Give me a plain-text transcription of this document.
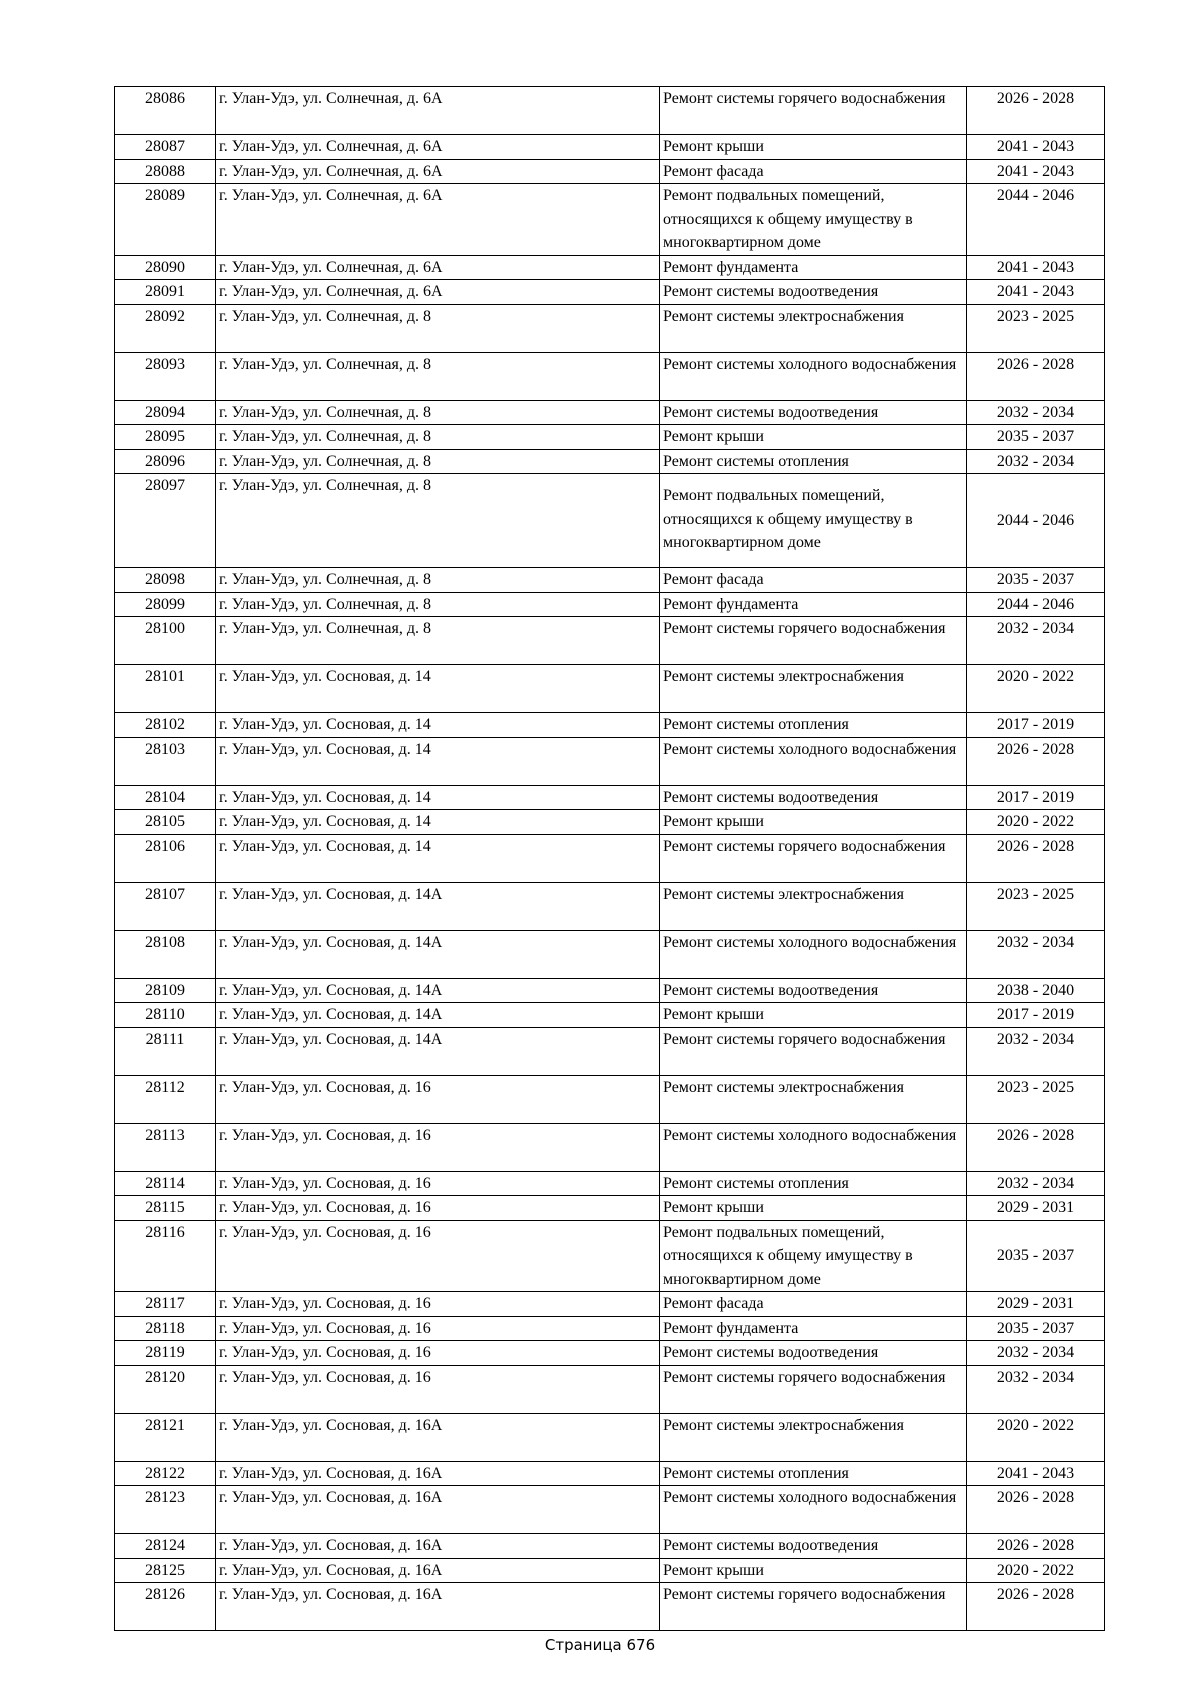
28086	г. Улан-Удэ, ул. Солнечная, д. 6А	Ремонт системы горячего водоснабжения	2026 - 2028
28087	г. Улан-Удэ, ул. Солнечная, д. 6А	Ремонт крыши	2041 - 2043
28088	г. Улан-Удэ, ул. Солнечная, д. 6А	Ремонт фасада	2041 - 2043
28089	г. Улан-Удэ, ул. Солнечная, д. 6А	Ремонт подвальных помещений, относящихся к общему имуществу в многоквартирном доме	2044 - 2046
28090	г. Улан-Удэ, ул. Солнечная, д. 6А	Ремонт фундамента	2041 - 2043
28091	г. Улан-Удэ, ул. Солнечная, д. 6А	Ремонт системы водоотведения	2041 - 2043
28092	г. Улан-Удэ, ул. Солнечная, д. 8	Ремонт системы электроснабжения	2023 - 2025
28093	г. Улан-Удэ, ул. Солнечная, д. 8	Ремонт системы холодного водоснабжения	2026 - 2028
28094	г. Улан-Удэ, ул. Солнечная, д. 8	Ремонт системы водоотведения	2032 - 2034
28095	г. Улан-Удэ, ул. Солнечная, д. 8	Ремонт крыши	2035 - 2037
28096	г. Улан-Удэ, ул. Солнечная, д. 8	Ремонт системы отопления	2032 - 2034
28097	г. Улан-Удэ, ул. Солнечная, д. 8	Ремонт подвальных помещений, относящихся к общему имуществу в многоквартирном доме	2044 - 2046
28098	г. Улан-Удэ, ул. Солнечная, д. 8	Ремонт фасада	2035 - 2037
28099	г. Улан-Удэ, ул. Солнечная, д. 8	Ремонт фундамента	2044 - 2046
28100	г. Улан-Удэ, ул. Солнечная, д. 8	Ремонт системы горячего водоснабжения	2032 - 2034
28101	г. Улан-Удэ, ул. Сосновая, д. 14	Ремонт системы электроснабжения	2020 - 2022
28102	г. Улан-Удэ, ул. Сосновая, д. 14	Ремонт системы отопления	2017 - 2019
28103	г. Улан-Удэ, ул. Сосновая, д. 14	Ремонт системы холодного водоснабжения	2026 - 2028
28104	г. Улан-Удэ, ул. Сосновая, д. 14	Ремонт системы водоотведения	2017 - 2019
28105	г. Улан-Удэ, ул. Сосновая, д. 14	Ремонт крыши	2020 - 2022
28106	г. Улан-Удэ, ул. Сосновая, д. 14	Ремонт системы горячего водоснабжения	2026 - 2028
28107	г. Улан-Удэ, ул. Сосновая, д. 14А	Ремонт системы электроснабжения	2023 - 2025
28108	г. Улан-Удэ, ул. Сосновая, д. 14А	Ремонт системы холодного водоснабжения	2032 - 2034
28109	г. Улан-Удэ, ул. Сосновая, д. 14А	Ремонт системы водоотведения	2038 - 2040
28110	г. Улан-Удэ, ул. Сосновая, д. 14А	Ремонт крыши	2017 - 2019
28111	г. Улан-Удэ, ул. Сосновая, д. 14А	Ремонт системы горячего водоснабжения	2032 - 2034
28112	г. Улан-Удэ, ул. Сосновая, д. 16	Ремонт системы электроснабжения	2023 - 2025
28113	г. Улан-Удэ, ул. Сосновая, д. 16	Ремонт системы холодного водоснабжения	2026 - 2028
28114	г. Улан-Удэ, ул. Сосновая, д. 16	Ремонт системы отопления	2032 - 2034
28115	г. Улан-Удэ, ул. Сосновая, д. 16	Ремонт крыши	2029 - 2031
28116	г. Улан-Удэ, ул. Сосновая, д. 16	Ремонт подвальных помещений, относящихся к общему имуществу в многоквартирном доме	2035 - 2037
28117	г. Улан-Удэ, ул. Сосновая, д. 16	Ремонт фасада	2029 - 2031
28118	г. Улан-Удэ, ул. Сосновая, д. 16	Ремонт фундамента	2035 - 2037
28119	г. Улан-Удэ, ул. Сосновая, д. 16	Ремонт системы водоотведения	2032 - 2034
28120	г. Улан-Удэ, ул. Сосновая, д. 16	Ремонт системы горячего водоснабжения	2032 - 2034
28121	г. Улан-Удэ, ул. Сосновая, д. 16А	Ремонт системы электроснабжения	2020 - 2022
28122	г. Улан-Удэ, ул. Сосновая, д. 16А	Ремонт системы отопления	2041 - 2043
28123	г. Улан-Удэ, ул. Сосновая, д. 16А	Ремонт системы холодного водоснабжения	2026 - 2028
28124	г. Улан-Удэ, ул. Сосновая, д. 16А	Ремонт системы водоотведения	2026 - 2028
28125	г. Улан-Удэ, ул. Сосновая, д. 16А	Ремонт крыши	2020 - 2022
28126	г. Улан-Удэ, ул. Сосновая, д. 16А	Ремонт системы горячего водоснабжения	2026 - 2028
Страница 676
